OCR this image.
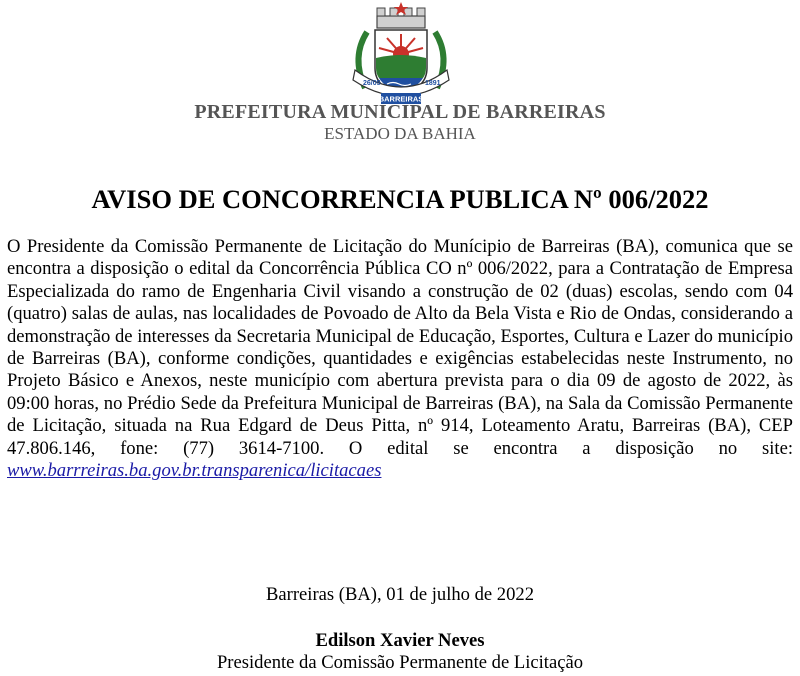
26/05	1891
BARREIRAS
PREFEITURA MUNICIPAL DE BARREIRAS
ESTADO DA BAHIA
AVISO DE CONCORRENCIA PUBLICA Nº 006/2022
O Presidente da Comissão Permanente de Licitação do Munícipio de Barreiras (BA), comunica que se encontra a disposição o edital da Concorrência Pública CO nº 006/2022, para a Contratação de Empresa Especializada do ramo de Engenharia Civil visando a construção de 02 (duas) escolas, sendo com 04 (quatro) salas de aulas, nas localidades de Povoado de Alto da Bela Vista e Rio de Ondas, considerando a demonstração de interesses da Secretaria Municipal de Educação, Esportes, Cultura e Lazer do município de Barreiras (BA), conforme condições, quantidades e exigências estabelecidas neste Instrumento, no Projeto Básico e Anexos, neste município com abertura prevista para o dia 09 de agosto de 2022, às 09:00 horas, no Prédio Sede da Prefeitura Municipal de Barreiras (BA), na Sala da Comissão Permanente de Licitação, situada na Rua Edgard de Deus Pitta, nº 914, Loteamento Aratu, Barreiras (BA), CEP 47.806.146, fone: (77) 3614-7100. O edital se encontra a disposição no site: www.barrreiras.ba.gov.br.transparenica/licitacaes
Barreiras (BA), 01 de julho de 2022
Edilson Xavier Neves
Presidente da Comissão Permanente de Licitação
